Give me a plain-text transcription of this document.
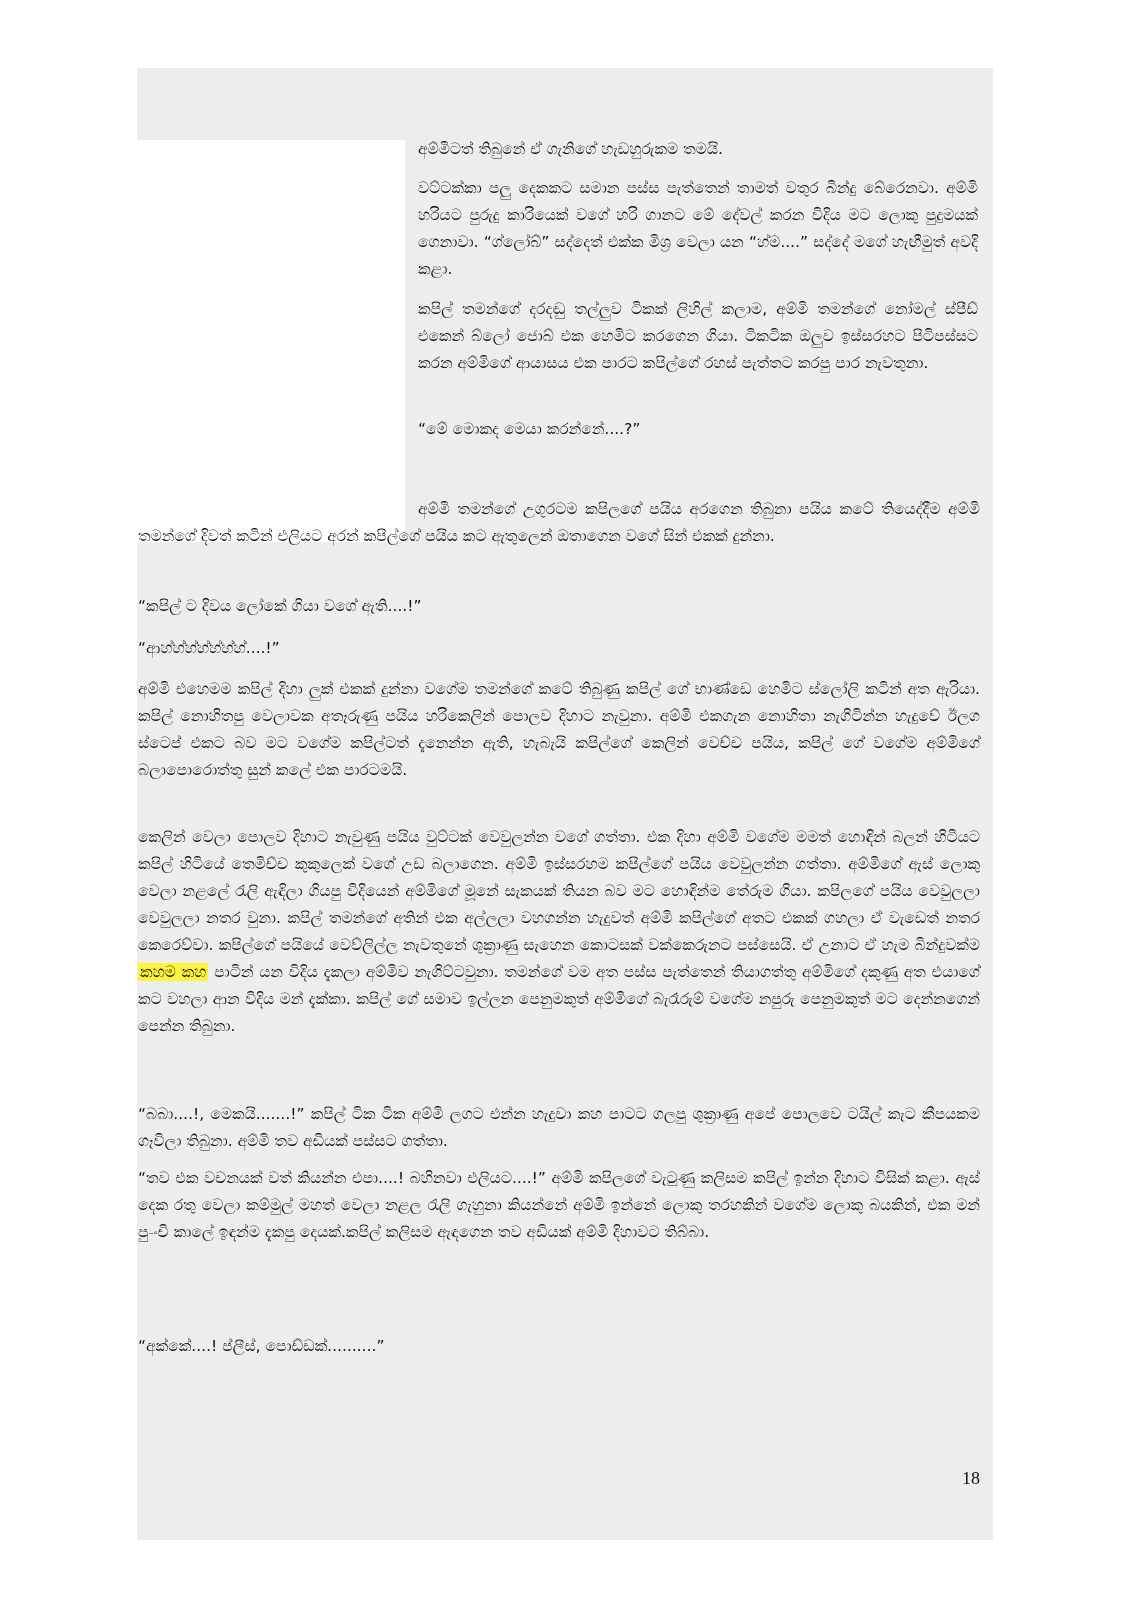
අම්මිටත් තිබුනේ ඒ ගැනිගේ හැඩහුරුකම තමයි.

වට්ටක්කා පලු දෙකකට සමාන පස්ස පැත්තෙන් තාමත් වතුර බින්දු බේරෙනවා. අම්මි හරියට පුරුදු කාරියෙක් වගේ හරි ගානට මේ දේවල් කරන විදිය මට ලොකු පුදුමයක් ගෙනාවා. “ග්ලෝබ්” සද්දෙත් එක්ක මිශ්‍ර වෙලා යන “හ්ම....” සද්දේ මගේ හැඟීමුත් අවදි කළා.

කපිල් තමන්ගේ දරදඬු තල්ලුව ටිකක් ලිහිල් කලාම, අම්මි තමන්ගේ නෝමල් ස්පීඩ් එකෙන් බ්ලෝ ජොබ් එක හෙමිට කරගෙන ගියා. ටිකටික ඔලුව ඉස්සරහට පිටිපස්සට කරන අම්මිගේ ආයාසය එක පාරට කපිල්ගේ රහස් පැත්තට කරපු පාර නැවතුනා.

“මේ මොකද මෙයා කරන්නේ....?”

අම්මි තමන්ගේ උගුරටම කපිලගේ පයිය අරගෙන තිබුනා පයිය කටේ තියෙද්දීම අම්මි තමන්ගේ දිවත් කටින් එලියට අරන් කපිල්ගේ පයිය කට ඇතුලෙන් ඔතාගෙන වගේ සින් එකක් දුන්නා.

“කපිල් ට දිවය ලෝකේ ගියා වගේ ඇති....!”

“ආහ්හ්හ්හ්හ්හ්හ්....!”

අම්මි එහෙමම කපිල් දිහා ලුක් එකක් දුන්නා වගේම තමන්ගේ කටේ තිබුණු කපිල් ගේ භාණ්ඩෙ හෙමිට ස්ලෝලි කටින් අත ඇරියා. කපිල් නොහිතපු වෙලාවක අතෑරුණු පයිය හරිකෙලින් පොලව දිහාට නැවුනා. අම්මි එකගැන නොහිතා නැගිටින්න හැදුවේ ඊලග ස්ටෙප් එකට බව මට වගේම කපිල්ටත් දැනෙන්න ඇති, හැබැයි කපිල්ගේ කෙලින් වෙච්ච පයිය, කපිල් ගේ වගේම අම්මිගේ බලාපොරොත්තු සුන් කලේ එක පාරටමයි.

කෙලින් වෙලා පොලව දිහාට නැවුණු පයිය වුට්ටක් වෙවුලන්න වගේ ගත්තා. එක දිහා අම්මි වගේම මමත් හොඳින් බලන් හිටියට කපිල් හිටියේ තෙමිච්ච කුකුලෙක් වගේ උඩ බලාගෙන. අම්මි ඉස්සරහම කපිල්ගේ පයිය වෙවුලන්න ගත්තා. අම්මිගේ ඇස් ලොකු වෙලා නළලේ රැලි ඇඳිලා ගියපු විදියෙන් අම්මිගේ මූනේ සැකයක් තියන බව මට හොඳින්ම තේරුම ගියා. කපිලගේ පයිය වෙවුලලා වෙවුලලා නතර වුනා. කපිල් තමන්ගේ අතින් එක අල්ලලා වහගන්න හැදුවත් අම්මි කපිල්ගේ අතට එකක් ගහලා ඒ වැඩෙත් නතර කෙරෙව්වා. කපිල්ගේ පයියේ වෙව්ලිල්ල නැවතුනේ ශුක්‍රාණු සැහෙන කොටසක් වක්කෙරුනට පස්සෙයි. ඒ උනාට ඒ හැම බින්දුවක්ම කහම කහ පාටින් යන විදිය දැකලා අම්මිව නැගිට්ටවුනා. තමන්ගේ වම අත පස්ස පැත්තෙන් තියාගත්තු අම්මිගේ දකුණු අත එයාගේ කට වහලා ආන විදිය මන් දැක්කා. කපිල් ගේ සමාව ඉල්ලන පෙනුමකුත් අම්මිගේ බැරෑරුම් වගේම නපුරු පෙනුමකුත් මට දෙන්නගෙන් පෙන්න තිබුනා.

“බබා....!, මෙකයි.......!” කපිල් ටික ටික අම්මි ලගට එන්න හැදුවා කහ පාටට ගලපු ශුක්‍රාණු අපේ පොලවෙ ටයිල් කැට කීපයකම ගෑවිලා තිබුනා. අම්මි තව අඩියක් පස්සට ගත්තා.

“තව එක වචනයක් වත් කියන්න එපා....! බහිනවා එලියට....!” අම්මි කපිලගේ වැටුණු කලිසම කපිල් ඉන්න දිහාට විසික් කළා. ඇස් දෙක රතු වෙලා කම්මුල් මහත් වෙලා නළල රැලි ගැහුනා කියන්නේ අම්මි ඉන්නේ ලොකු තරහකින් වගේම ලොකු බයකින්, එක මන් පු-ංචි කාලේ ඉඳන්ම දැකපු දෙයක්.කපිල් කලිසම ඇඳගෙන තව අඩියක් අම්මි දිහාවට තිබ්බා.

“අක්කේ....! ප්ලීස්, පොඩ්ඩක්..........”

18
